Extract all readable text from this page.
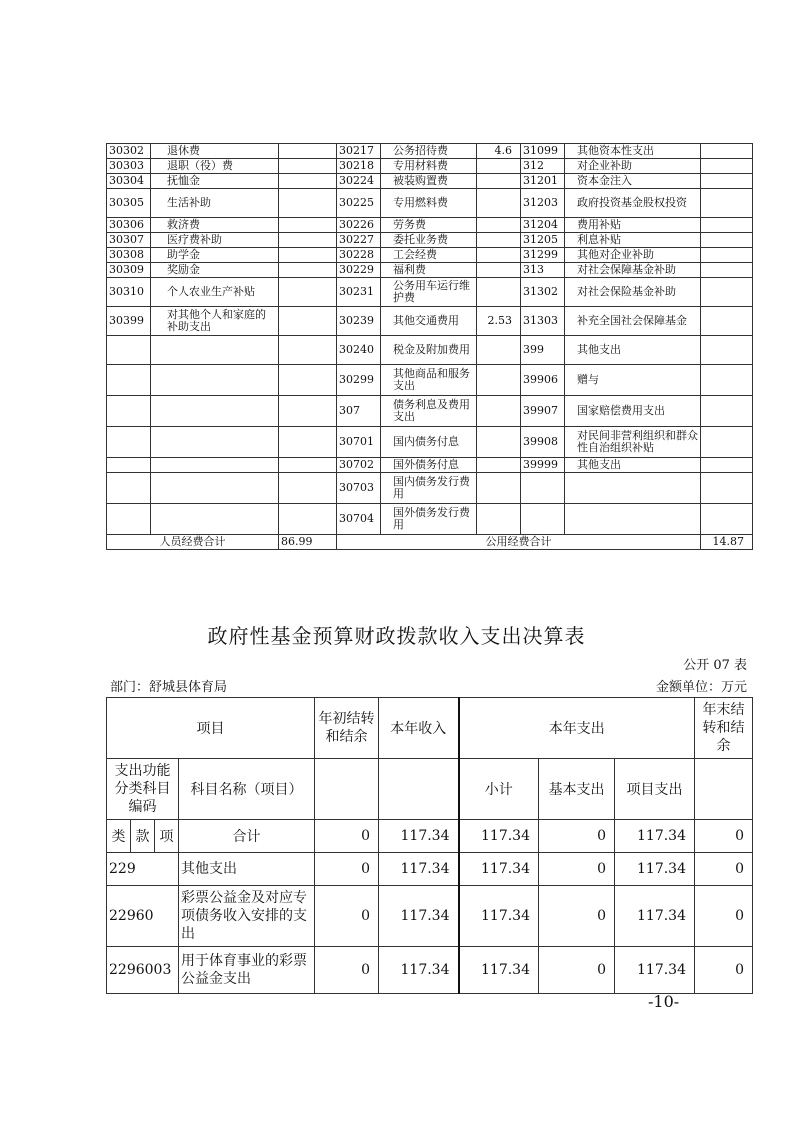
30302	退休费		30217	公务招待费	4.6	31099	其他资本性支出	
30303	退职（役）费		30218	专用材料费		312	对企业补助	
30304	抚恤金		30224	被装购置费		31201	资本金注入	
30305	生活补助		30225	专用燃料费		31203	政府投资基金股权投资	
30306	救济费		30226	劳务费		31204	费用补贴	
30307	医疗费补助		30227	委托业务费		31205	利息补贴	
30308	助学金		30228	工会经费		31299	其他对企业补助	
30309	奖励金		30229	福利费		313	对社会保障基金补助	
30310	个人农业生产补贴		30231	公务用车运行维护费		31302	对社会保险基金补助	
30399	对其他个人和家庭的补助支出		30239	其他交通费用	2.53	31303	补充全国社会保障基金	
			30240	税金及附加费用		399	其他支出	
			30299	其他商品和服务支出		39906	赠与	
			307	债务利息及费用支出		39907	国家赔偿费用支出	
			30701	国内债务付息		39908	对民间非营利组织和群众性自治组织补贴	
			30702	国外债务付息		39999	其他支出	
			30703	国内债务发行费用				
			30704	国外债务发行费用				
人员经费合计		86.99	公用经费合计					14.87
政府性基金预算财政拨款收入支出决算表
公开 07 表
部门：舒城县体育局	金额单位：万元
项目				年初结转和结余	本年收入	本年支出			年末结转和结余
支出功能分类科目编码			科目名称（项目）			小计	基本支出	项目支出	
类	款	项	合计	0	117.34	117.34	0	117.34	0
229			其他支出	0	117.34	117.34	0	117.34	0
22960			彩票公益金及对应专项债务收入安排的支出	0	117.34	117.34	0	117.34	0
2296003			用于体育事业的彩票公益金支出	0	117.34	117.34	0	117.34	0
-10-
